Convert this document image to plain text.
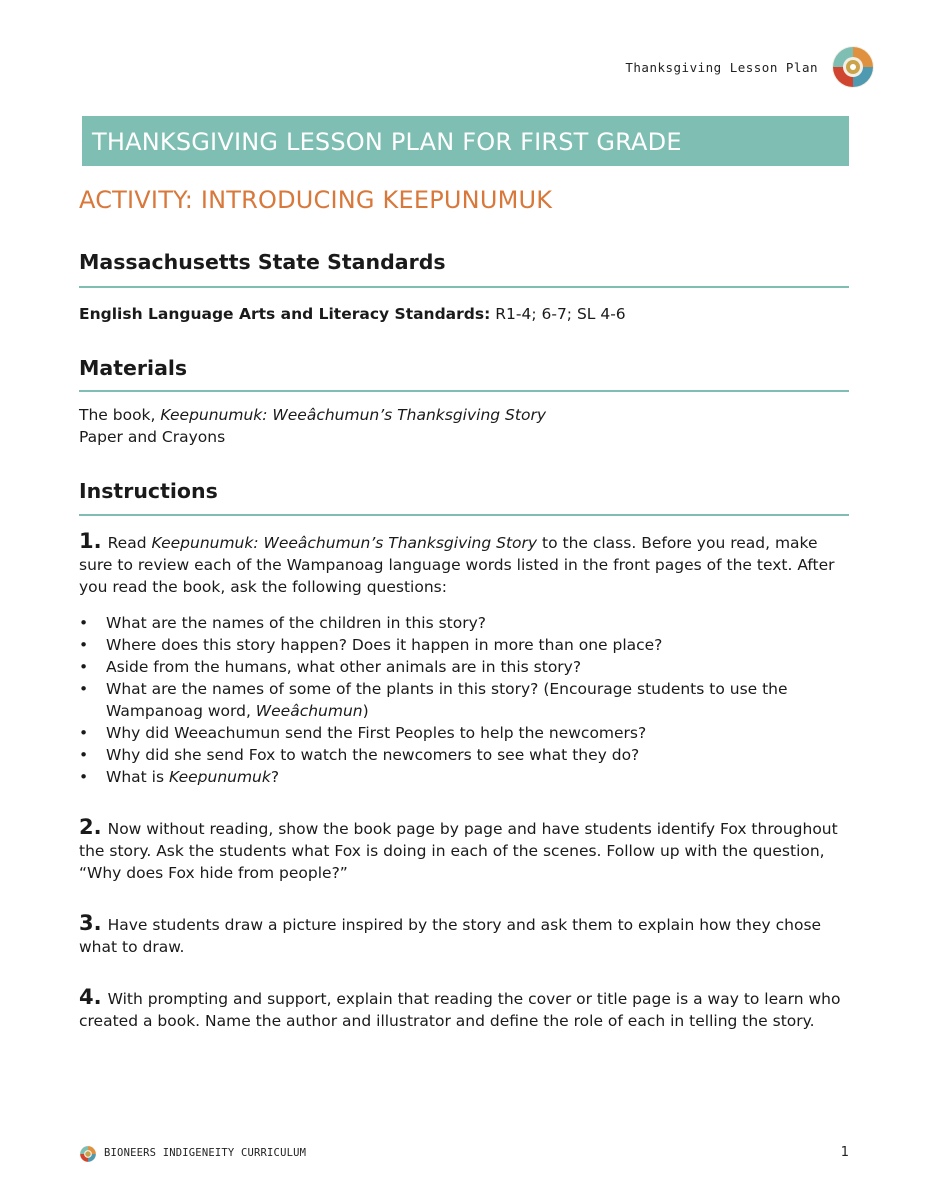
Thanksgiving Lesson Plan
THANKSGIVING LESSON PLAN FOR FIRST GRADE
ACTIVITY: INTRODUCING KEEPUNUMUK
Massachusetts State Standards
English Language Arts and Literacy Standards: R1-4; 6-7; SL 4-6
Materials
The book, Keepunumuk: Weeâchumun’s Thanksgiving Story
Paper and Crayons
Instructions
1. Read Keepunumuk: Weeâchumun’s Thanksgiving Story to the class. Before you read, make sure to review each of the Wampanoag language words listed in the front pages of the text. After you read the book, ask the following questions:
• What are the names of the children in this story?
• Where does this story happen? Does it happen in more than one place?
• Aside from the humans, what other animals are in this story?
• What are the names of some of the plants in this story? (Encourage students to use the Wampanoag word, Weeâchumun)
• Why did Weeachumun send the First Peoples to help the newcomers?
• Why did she send Fox to watch the newcomers to see what they do?
• What is Keepunumuk?
2. Now without reading, show the book page by page and have students identify Fox throughout the story. Ask the students what Fox is doing in each of the scenes. Follow up with the question, “Why does Fox hide from people?”
3. Have students draw a picture inspired by the story and ask them to explain how they chose what to draw.
4. With prompting and support, explain that reading the cover or title page is a way to learn who created a book. Name the author and illustrator and define the role of each in telling the story.
BIONEERS INDIGENEITY CURRICULUM	1
